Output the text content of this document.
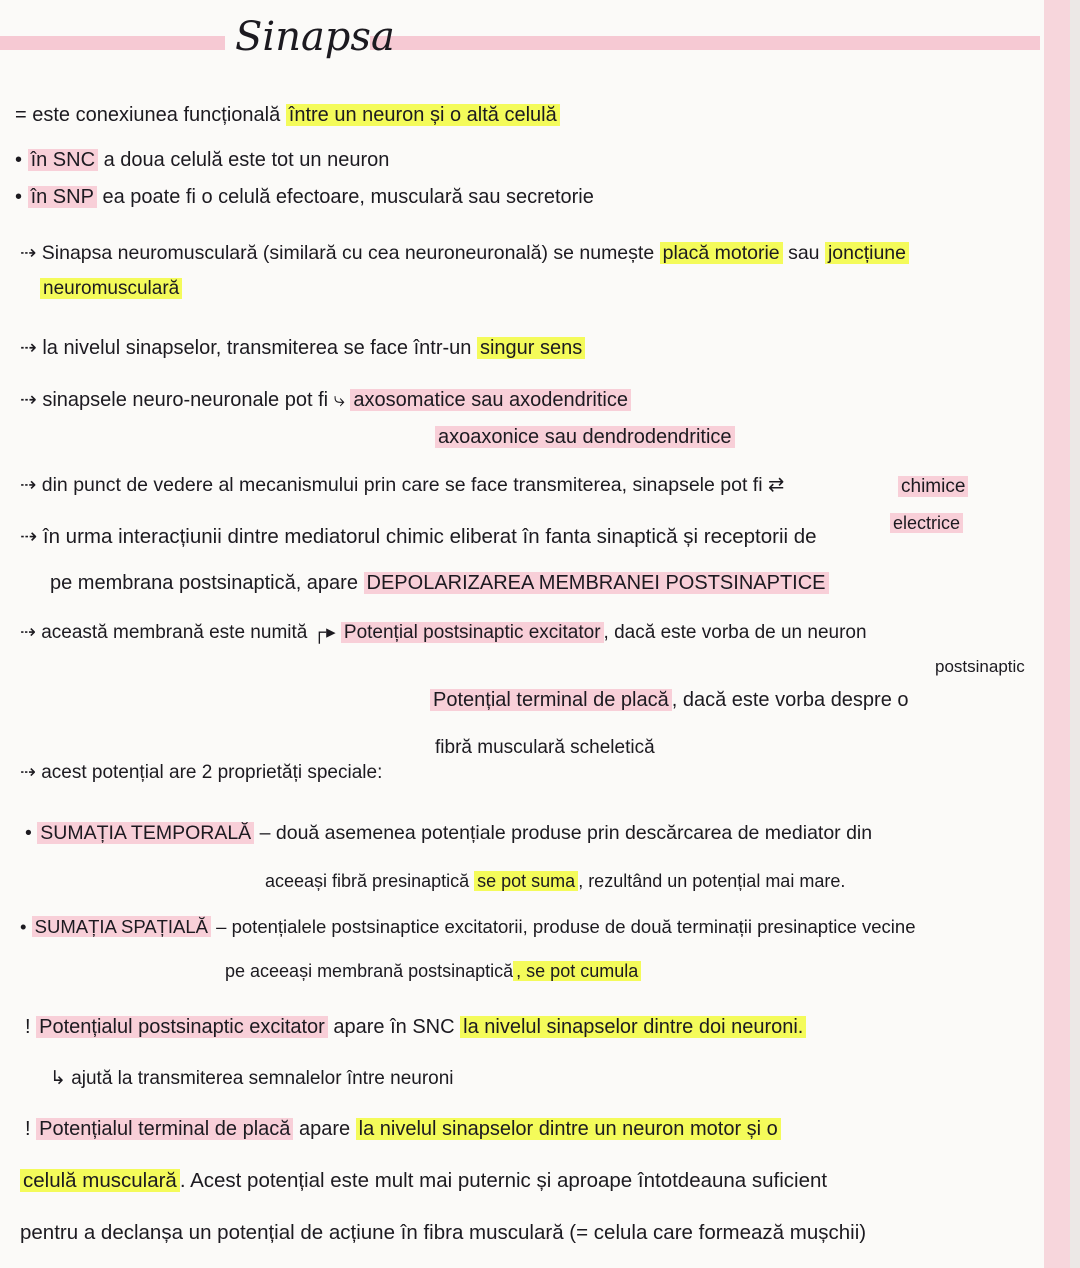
Sinapsa
= este conexiunea funcțională între un neuron și o altă celulă
• în SNC a doua celulă este tot un neuron
• în SNP ea poate fi o celulă efectoare, musculară sau secretorie
⇢ Sinapsa neuromusculară (similară cu cea neuroneuronală) se numește placă motorie sau joncțiune
neuromusculară
⇢ la nivelul sinapselor, transmiterea se face într-un singur sens
⇢ sinapsele neuro-neuronale pot fi ⤷ axosomatice sau axodendritice
axoaxonice sau dendrodendritice
⇢ din punct de vedere al mecanismului prin care se face transmiterea, sinapsele pot fi ⇄	chimice
electrice
⇢ în urma interacțiunii dintre mediatorul chimic eliberat în fanta sinaptică și receptorii de
pe membrana postsinaptică, apare DEPOLARIZAREA MEMBRANEI POSTSINAPTICE
⇢ această membrană este numită ┌▸ Potențial postsinaptic excitator , dacă este vorba de un neuron
postsinaptic
Potențial terminal de placă , dacă este vorba despre o
fibră musculară scheletică
⇢ acest potențial are 2 proprietăți speciale:
• SUMAȚIA TEMPORALĂ – două asemenea potențiale produse prin descărcarea de mediator din
aceeași fibră presinaptică se pot suma , rezultând un potențial mai mare.
• SUMAȚIA SPAȚIALĂ – potențialele postsinaptice excitatorii, produse de două terminații presinaptice vecine
pe aceeași membrană postsinaptică , se pot cumula
! Potențialul postsinaptic excitator apare în SNC la nivelul sinapselor dintre doi neuroni.
↳ ajută la transmiterea semnalelor între neuroni
! Potențialul terminal de placă apare la nivelul sinapselor dintre un neuron motor și o
celulă musculară . Acest potențial este mult mai puternic și aproape întotdeauna suficient
pentru a declanșa un potențial de acțiune în fibra musculară (= celula care formează mușchii)
